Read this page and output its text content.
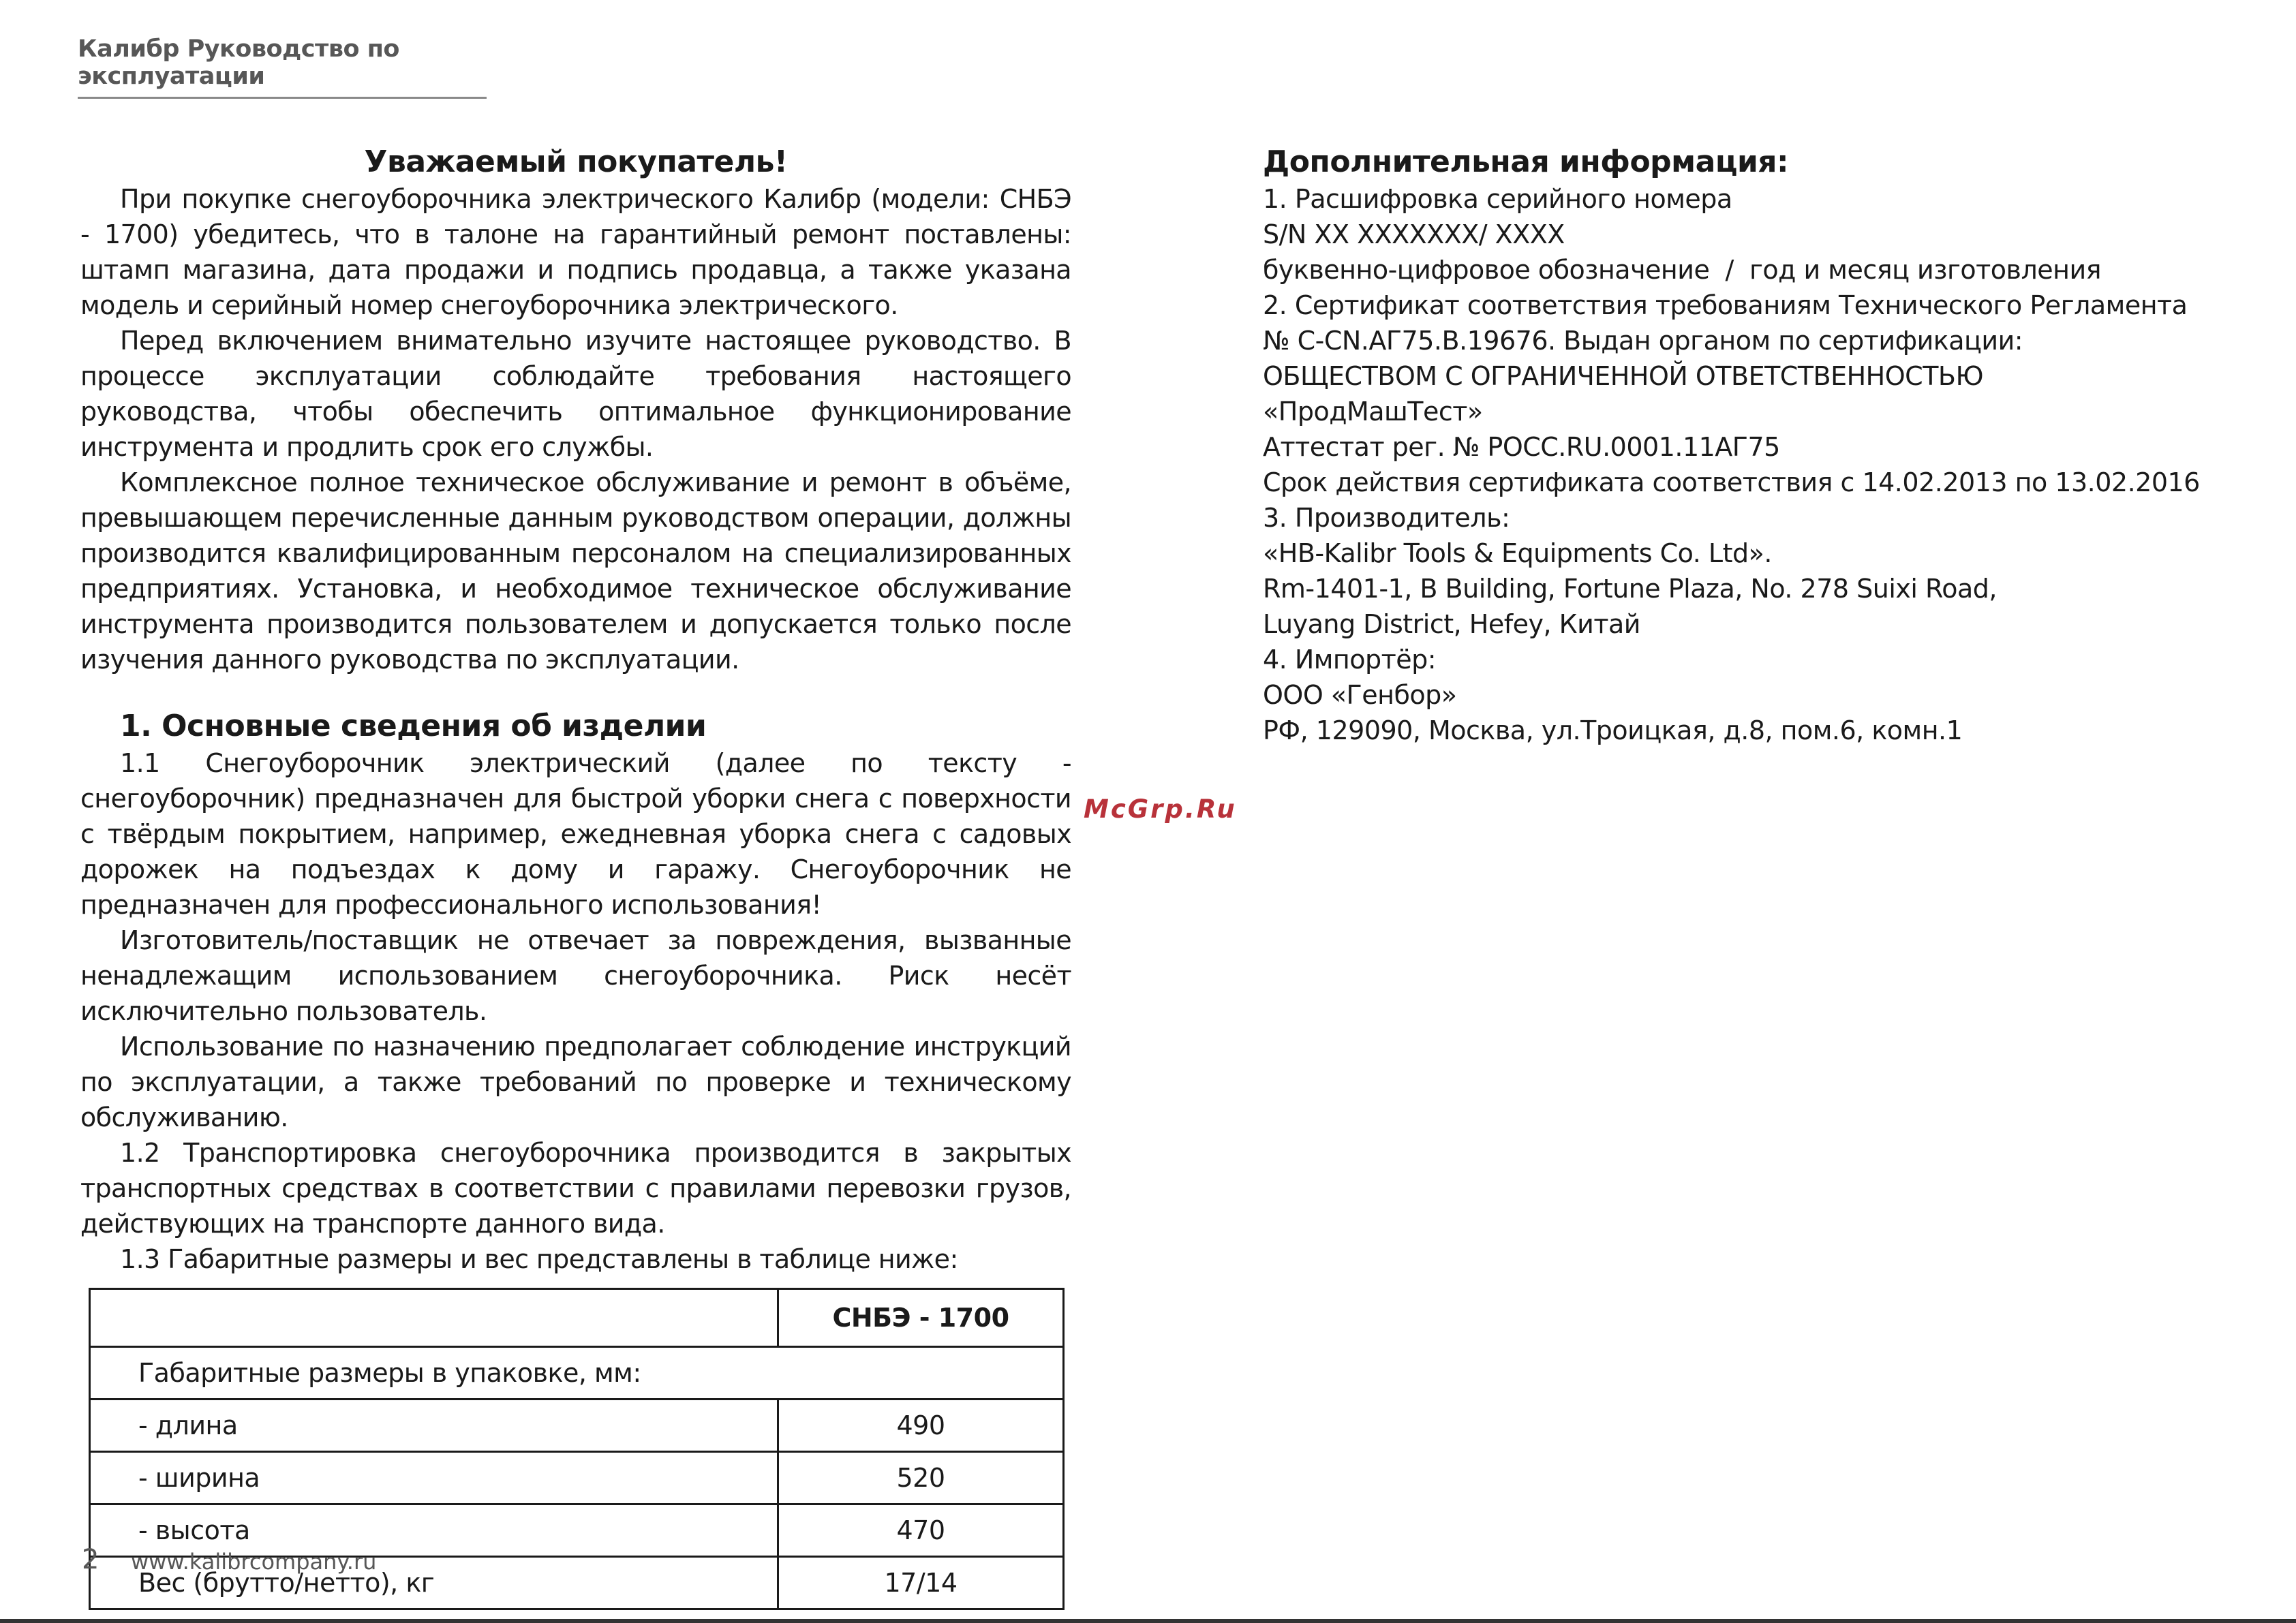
Калибр Руководство по эксплуатации
Уважаемый покупатель!

При покупке снегоуборочника электрического Калибр (модели: СНБЭ - 1700) убедитесь, что в талоне на гарантийный ремонт поставлены: штамп магазина, дата продажи и подпись продавца, а также указана модель и серийный номер снегоуборочника электрического.

Перед включением внимательно изучите настоящее руководство. В процессе эксплуатации соблюдайте требования настоящего руководства, чтобы обеспечить оптимальное функционирование инструмента и продлить срок его службы.

Комплексное полное техническое обслуживание и ремонт в объёме, превышающем перечисленные данным руководством операции, должны производится квалифицированным персоналом на специализированных предприятиях. Установка, и необходимое техническое обслуживание инструмента производится пользователем и допускается только после изучения данного руководства по эксплуатации.

1. Основные сведения об изделии

1.1 Снегоуборочник электрический (далее по тексту - снегоуборочник) предназначен для быстрой уборки снега с поверхности с твёрдым покрытием, например, ежедневная уборка снега с садовых дорожек на подъездах к дому и гаражу. Снегоуборочник не предназначен для профессионального использования!

Изготовитель/поставщик не отвечает за повреждения, вызванные ненадлежащим использованием снегоуборочника. Риск несёт исключительно пользователь.

Использование по назначению предполагает соблюдение инструкций по эксплуатации, а также требований по проверке и техническому обслуживанию.

1.2 Транспортировка снегоуборочника производится в закрытых транспортных средствах в соответствии с правилами перевозки грузов, действующих на транспорте данного вида.

1.3 Габаритные размеры и вес представлены в таблице ниже:

	СНБЭ - 1700
Габаритные размеры в упаковке, мм:	
- длина	490
- ширина	520
- высота	470
Вес (брутто/нетто), кг	17/14
Дополнительная информация:

1. Расшифровка серийного номера

S/N XX XXXXXXX/ XXXX

буквенно-цифровое обозначение  /  год и месяц изготовления

2. Сертификат соответствия требованиям Технического Регламента

№ C-CN.АГ75.В.19676. Выдан органом по сертификации:

ОБЩЕСТВОМ С ОГРАНИЧЕННОЙ ОТВЕТСТВЕННОСТЬЮ

«ПродМашТест»

Аттестат рег. № РОСС.RU.0001.11АГ75

Срок действия сертификата соответствия с 14.02.2013 по 13.02.2016

3. Производитель:

«HB-Kalibr Tools & Equipments Co. Ltd».

Rm-1401-1, B Building, Fortune Plaza, No. 278 Suixi Road,

Luyang District, Hefey, Китай

4. Импортёр:

ООО «Генбор»

РФ, 129090, Москва, ул.Троицкая, д.8, пом.6, комн.1

McGrp.Ru
2 www.kalibrcompany.ru
